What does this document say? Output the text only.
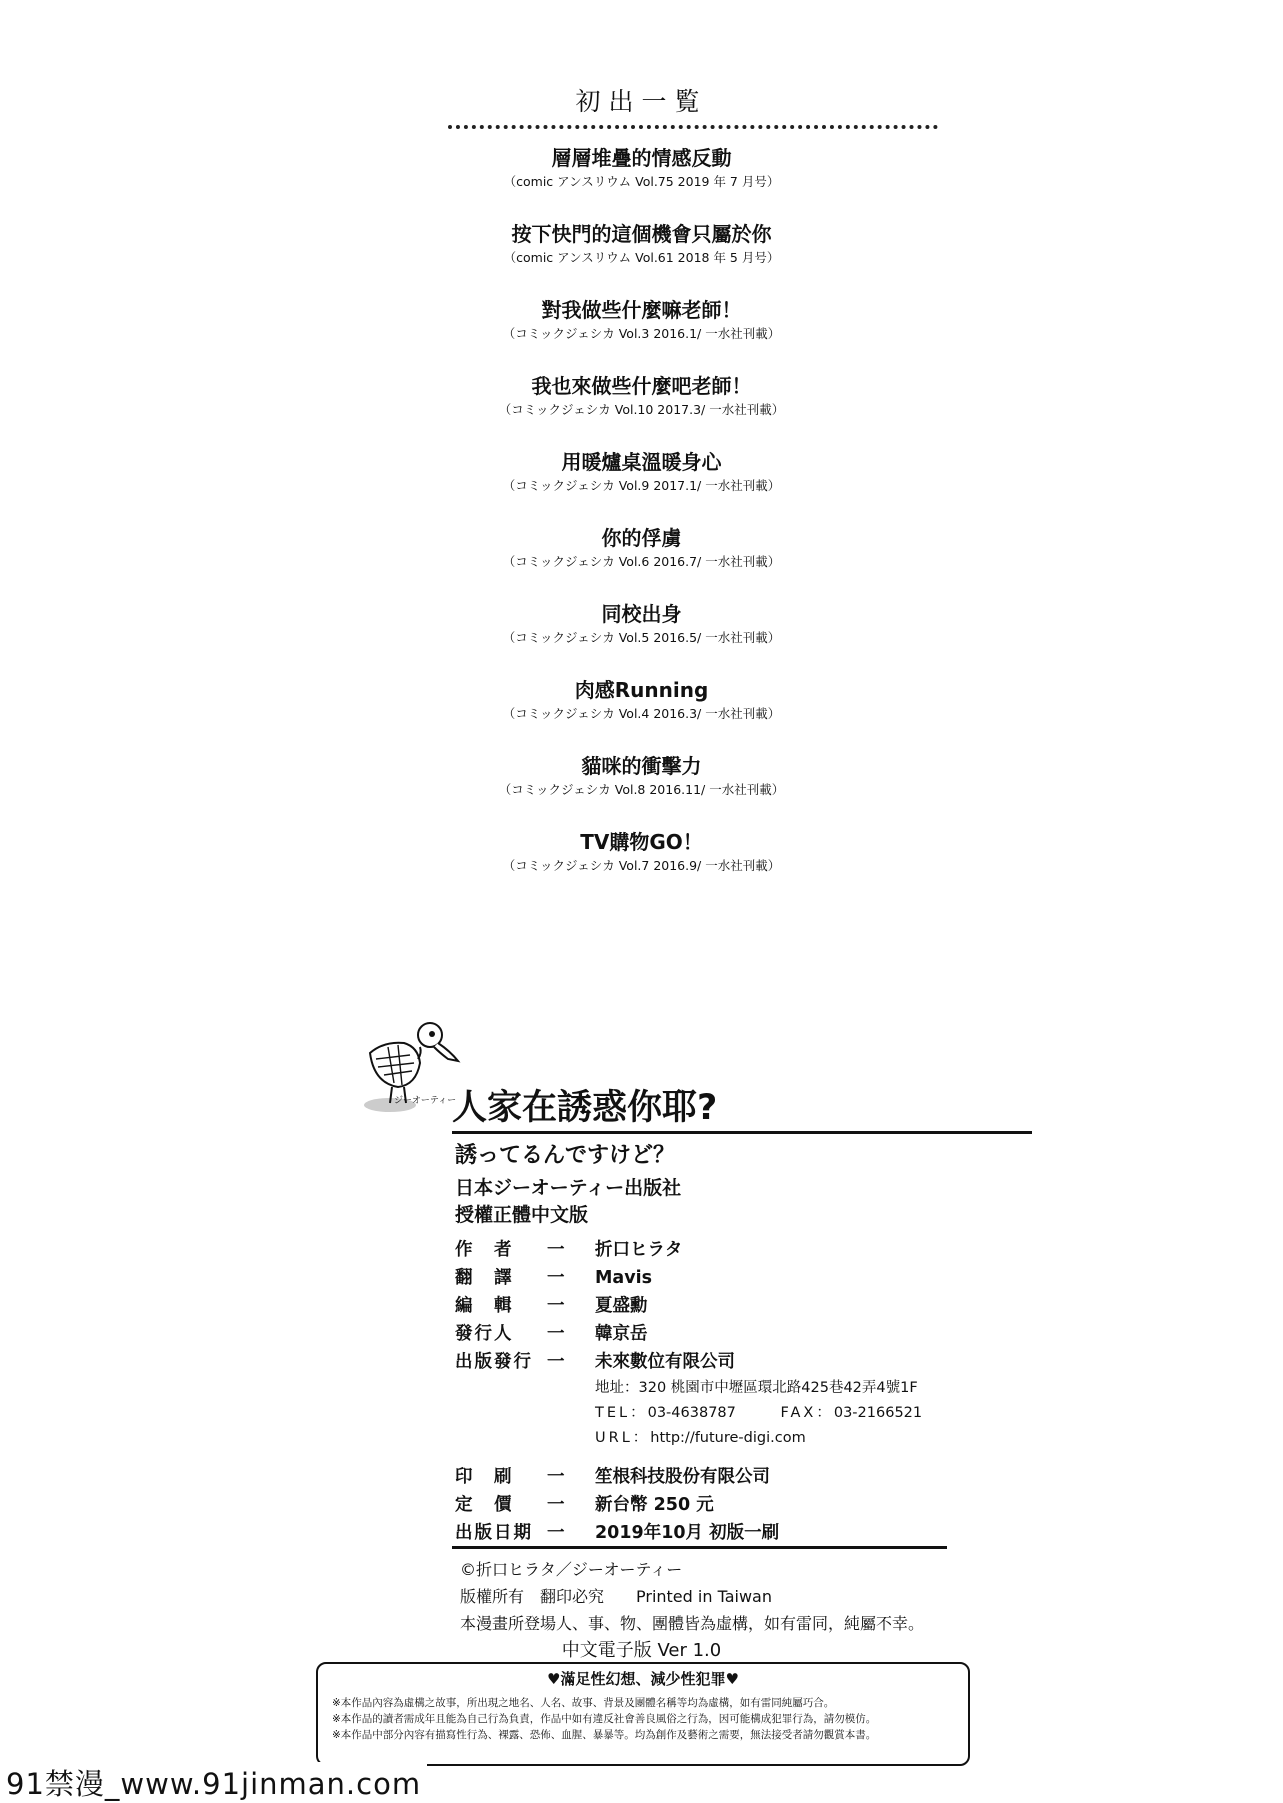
初出一覧
層層堆疊的情感反動
（comic アンスリウム Vol.75 2019 年 7 月号）
按下快門的這個機會只屬於你
（comic アンスリウム Vol.61 2018 年 5 月号）
對我做些什麼嘛老師！
（コミックジェシカ Vol.3 2016.1/ 一水社刊載）
我也來做些什麼吧老師！
（コミックジェシカ Vol.10 2017.3/ 一水社刊載）
用暖爐桌溫暖身心
（コミックジェシカ Vol.9 2017.1/ 一水社刊載）
你的俘虜
（コミックジェシカ Vol.6 2016.7/ 一水社刊載）
同校出身
（コミックジェシカ Vol.5 2016.5/ 一水社刊載）
肉感Running
（コミックジェシカ Vol.4 2016.3/ 一水社刊載）
貓咪的衝擊力
（コミックジェシカ Vol.8 2016.11/ 一水社刊載）
TV購物GO！
（コミックジェシカ Vol.7 2016.9/ 一水社刊載）
ジーオーティー
人家在誘惑你耶?
誘ってるんですけど？
日本ジーオーティー出版社
授權正體中文版
作　者	一	折口ヒラタ
翻　譯	一	Mavis
編　輯	一	夏盛勳
發行人	一	韓京岳
出版發行 一	未來數位有限公司
地址：320 桃園市中壢區環北路425巷42弄4號1F
TEL：03-4638787	FAX：03-2166521
URL：http://future-digi.com
印　刷	一	笙根科技股份有限公司
定　價	一	新台幣 250 元
出版日期 一	2019年10月 初版一刷
©折口ヒラタ／ジーオーティー
版權所有　翻印必究　　Printed in Taiwan
本漫畫所登場人、事、物、團體皆為虛構，如有雷同，純屬不幸。
中文電子版 Ver 1.0
♥滿足性幻想、減少性犯罪♥
※本作品內容為虛構之故事，所出現之地名、人名、故事、背景及團體名稱等均為虛構，如有雷同純屬巧合。
※本作品的讀者需成年且能為自己行為負責，作品中如有違反社會善良風俗之行為，因可能構成犯罪行為，請勿模仿。
※本作品中部分內容有描寫性行為、裸露、恐佈、血腥、暴暴等。均為創作及藝術之需要，無法接受者請勿觀賞本書。
91禁漫_www.91jinman.com
